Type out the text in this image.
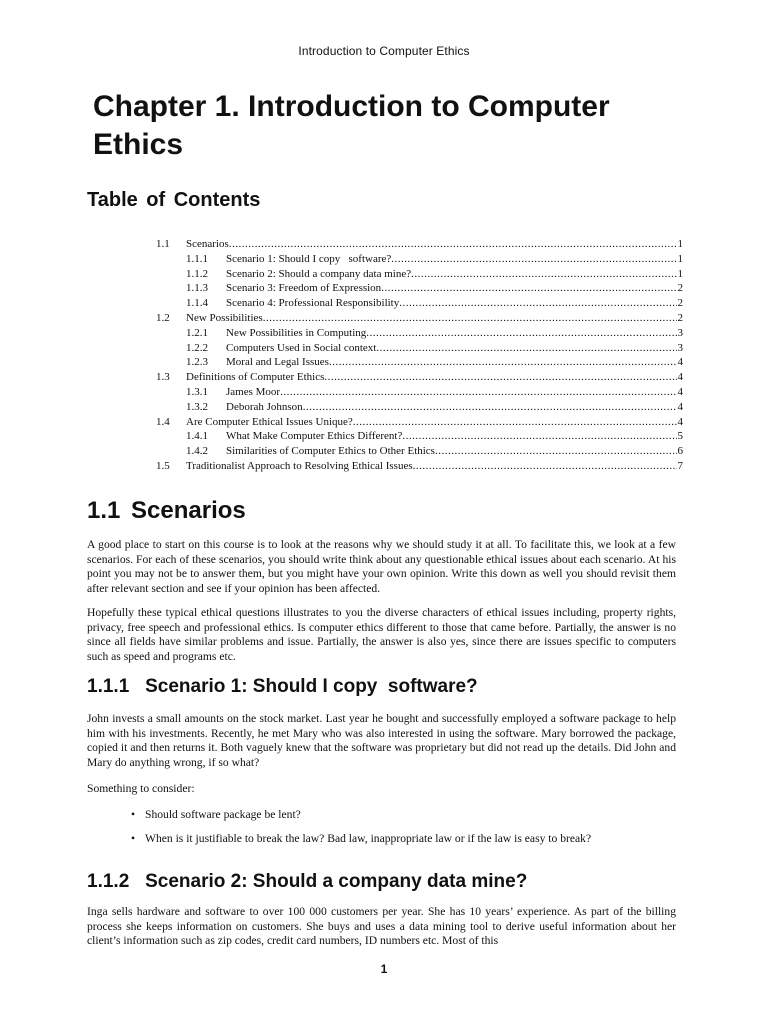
Introduction to Computer Ethics
Chapter 1. Introduction to Computer Ethics
Table of Contents
1.1	Scenarios .....	1
1.1.1	Scenario 1: Should I copy   software? .....	1
1.1.2	Scenario 2: Should a company data mine? .....	1
1.1.3	Scenario 3: Freedom of Expression .....	2
1.1.4	Scenario 4: Professional Responsibility .....	2
1.2	New Possibilities .....	2
1.2.1	New Possibilities in Computing .....	3
1.2.2	Computers Used in Social context .....	3
1.2.3	Moral and Legal Issues .....	4
1.3	Definitions of Computer Ethics .....	4
1.3.1	James Moor .....	4
1.3.2	Deborah Johnson .....	4
1.4	Are Computer Ethical Issues Unique? .....	4
1.4.1	What Make Computer Ethics Different? .....	5
1.4.2	Similarities of Computer Ethics to Other Ethics .....	6
1.5	Traditionalist Approach to Resolving Ethical Issues .....	7
1.1 Scenarios

A good place to start on this course is to look at the reasons why we should study it at all. To facilitate this, we look at a few scenarios. For each of these scenarios, you should write think about any questionable ethical issues about each scenario. At his point you may not be to answer them, but you might have your own opinion. Write this down as well you should revisit them after relevant section and see if your opinion has been affected.

Hopefully these typical ethical questions illustrates to you the diverse characters of ethical issues including, property rights, privacy, free speech and professional ethics. Is computer ethics different to those that came before. Partially, the answer is no since all fields have similar problems and issue. Partially, the answer is also yes, since there are issues specific to computers such as speed and programs etc.

1.1.1   Scenario 1: Should I copy  software?

John invests a small amounts on the stock market. Last year he bought and successfully employed a software package to help him with his investments. Recently, he met Mary who was also interested in using the software. Mary borrowed the package, copied it and then returns it. Both vaguely knew that the software was proprietary but did not read up the details. Did John and Mary do anything wrong, if so what?

Something to consider:

• Should software package be lent?
• When is it justifiable to break the law? Bad law, inappropriate law or if the law is easy to break?
1.1.2   Scenario 2: Should a company data mine?

Inga sells hardware and software to over 100 000 customers per year. She has 10 years’ experience. As part of the billing process she keeps information on customers. She buys and uses a data mining tool to derive useful information about her client’s information such as zip codes, credit card numbers, ID numbers etc. Most of this

1
